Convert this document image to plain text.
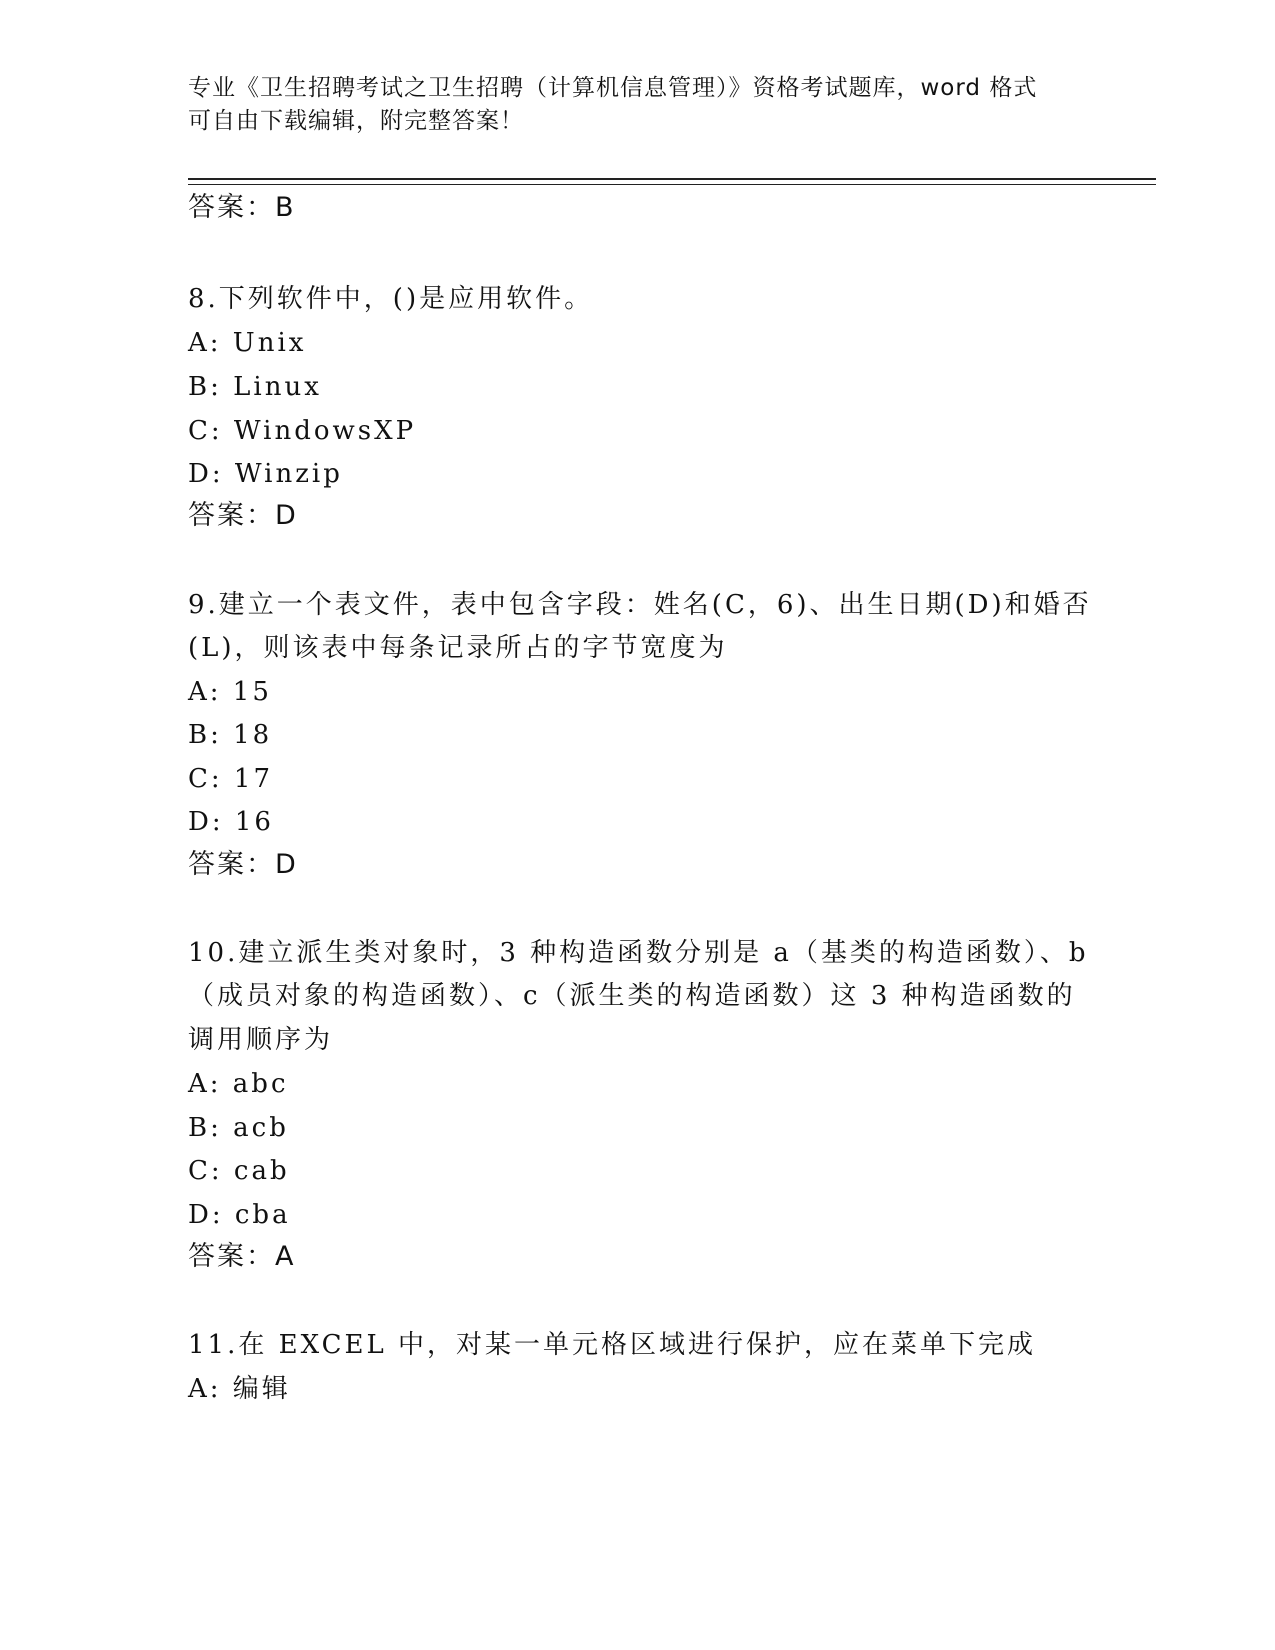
专业《卫生招聘考试之卫生招聘（计算机信息管理）》资格考试题库，word 格式
可自由下载编辑，附完整答案！
答案：B
8.下列软件中，()是应用软件。
A: Unix
B: Linux
C: WindowsXP
D: Winzip
答案：D
9.建立一个表文件，表中包含字段：姓名(C，6)、出生日期(D)和婚否
(L)，则该表中每条记录所占的字节宽度为
A: 15
B: 18
C: 17
D: 16
答案：D
10.建立派生类对象时，3 种构造函数分别是 a（基类的构造函数）、b
（成员对象的构造函数）、c（派生类的构造函数）这 3 种构造函数的
调用顺序为
A: abc
B: acb
C: cab
D: cba
答案：A
11.在 EXCEL 中，对某一单元格区域进行保护，应在菜单下完成
A: 编辑
